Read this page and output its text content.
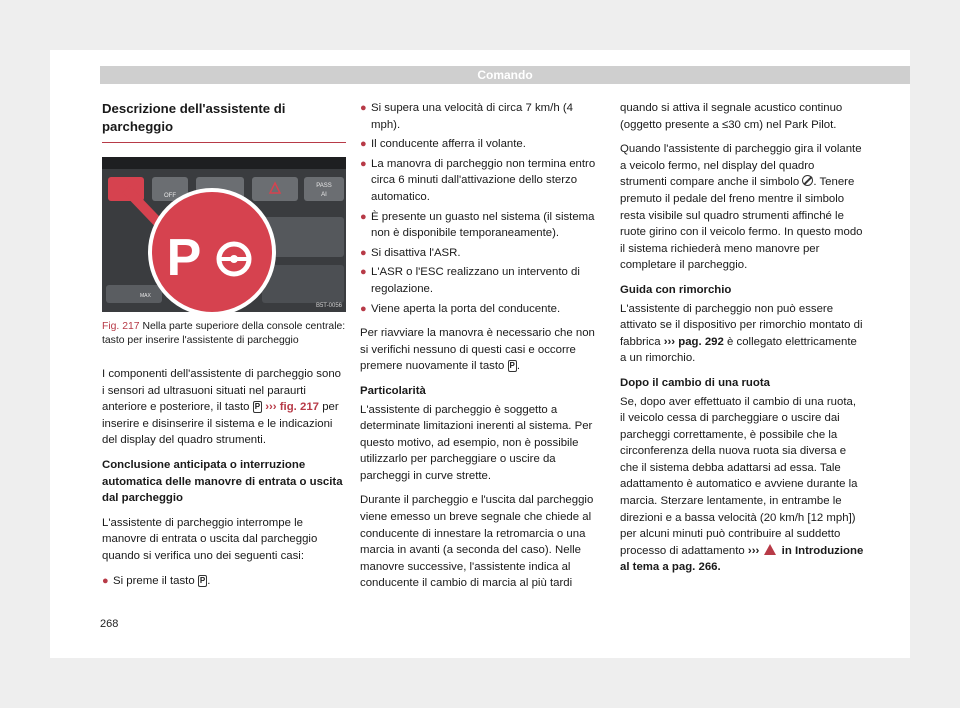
Comando
Descrizione dell'assistente di parcheggio
OFF
PASS
AI
MAX
P
B5T-0056
Fig. 217 Nella parte superiore della console centrale: tasto per inserire l'assistente di parcheggio

I componenti dell'assistente di parcheggio sono i sensori ad ultrasuoni situati nel paraurti anteriore e posteriore, il tasto P ››› fig. 217 per inserire e disinserire il sistema e le indicazioni del display del quadro strumenti.

Conclusione anticipata o interruzione automatica delle manovre di entrata o uscita dal parcheggio

L'assistente di parcheggio interrompe le manovre di entrata o uscita dal parcheggio quando si verifica uno dei seguenti casi:

● Si preme il tasto P .
● Si supera una velocità di circa 7 km/h (4 mph).
● Il conducente afferra il volante.
● La manovra di parcheggio non termina entro circa 6 minuti dall'attivazione dello sterzo automatico.
● È presente un guasto nel sistema (il sistema non è disponibile temporaneamente).
● Si disattiva l'ASR.
● L'ASR o l'ESC realizzano un intervento di regolazione.
● Viene aperta la porta del conducente.

Per riavviare la manovra è necessario che non si verifichi nessuno di questi casi e occorre premere nuovamente il tasto P .

Particolarità

L'assistente di parcheggio è soggetto a determinate limitazioni inerenti al sistema. Per questo motivo, ad esempio, non è possibile utilizzarlo per parcheggiare o uscire da parcheggi in curve strette.

Durante il parcheggio e l'uscita dal parcheggio viene emesso un breve segnale che chiede al conducente di innestare la retromarcia o una marcia in avanti (a seconda del caso). Nelle manovre successive, l'assistente indica al conducente il cambio di marcia al più tardi

quando si attiva il segnale acustico continuo (oggetto presente a ≤30 cm) nel Park Pilot.

Quando l'assistente di parcheggio gira il volante a veicolo fermo, nel display del quadro strumenti compare anche il simbolo . Tenere premuto il pedale del freno mentre il simbolo resta visibile sul quadro strumenti affinché le ruote girino con il veicolo fermo. In questo modo il sistema richiederà meno manovre per completare il parcheggio.

Guida con rimorchio

L'assistente di parcheggio non può essere attivato se il dispositivo per rimorchio montato di fabbrica ››› pag. 292 è collegato elettricamente a un rimorchio.

Dopo il cambio di una ruota

Se, dopo aver effettuato il cambio di una ruota, il veicolo cessa di parcheggiare o uscire dai parcheggi correttamente, è possibile che la circonferenza della nuova ruota sia diversa e che il sistema debba adattarsi ad essa. Tale adattamento è automatico e avviene durante la marcia. Sterzare lentamente, in entrambe le direzioni e a bassa velocità (20 km/h [12 mph]) per alcuni minuti può contribuire al suddetto processo di adattamento ››› in Introduzione al tema a pag. 266.

268
